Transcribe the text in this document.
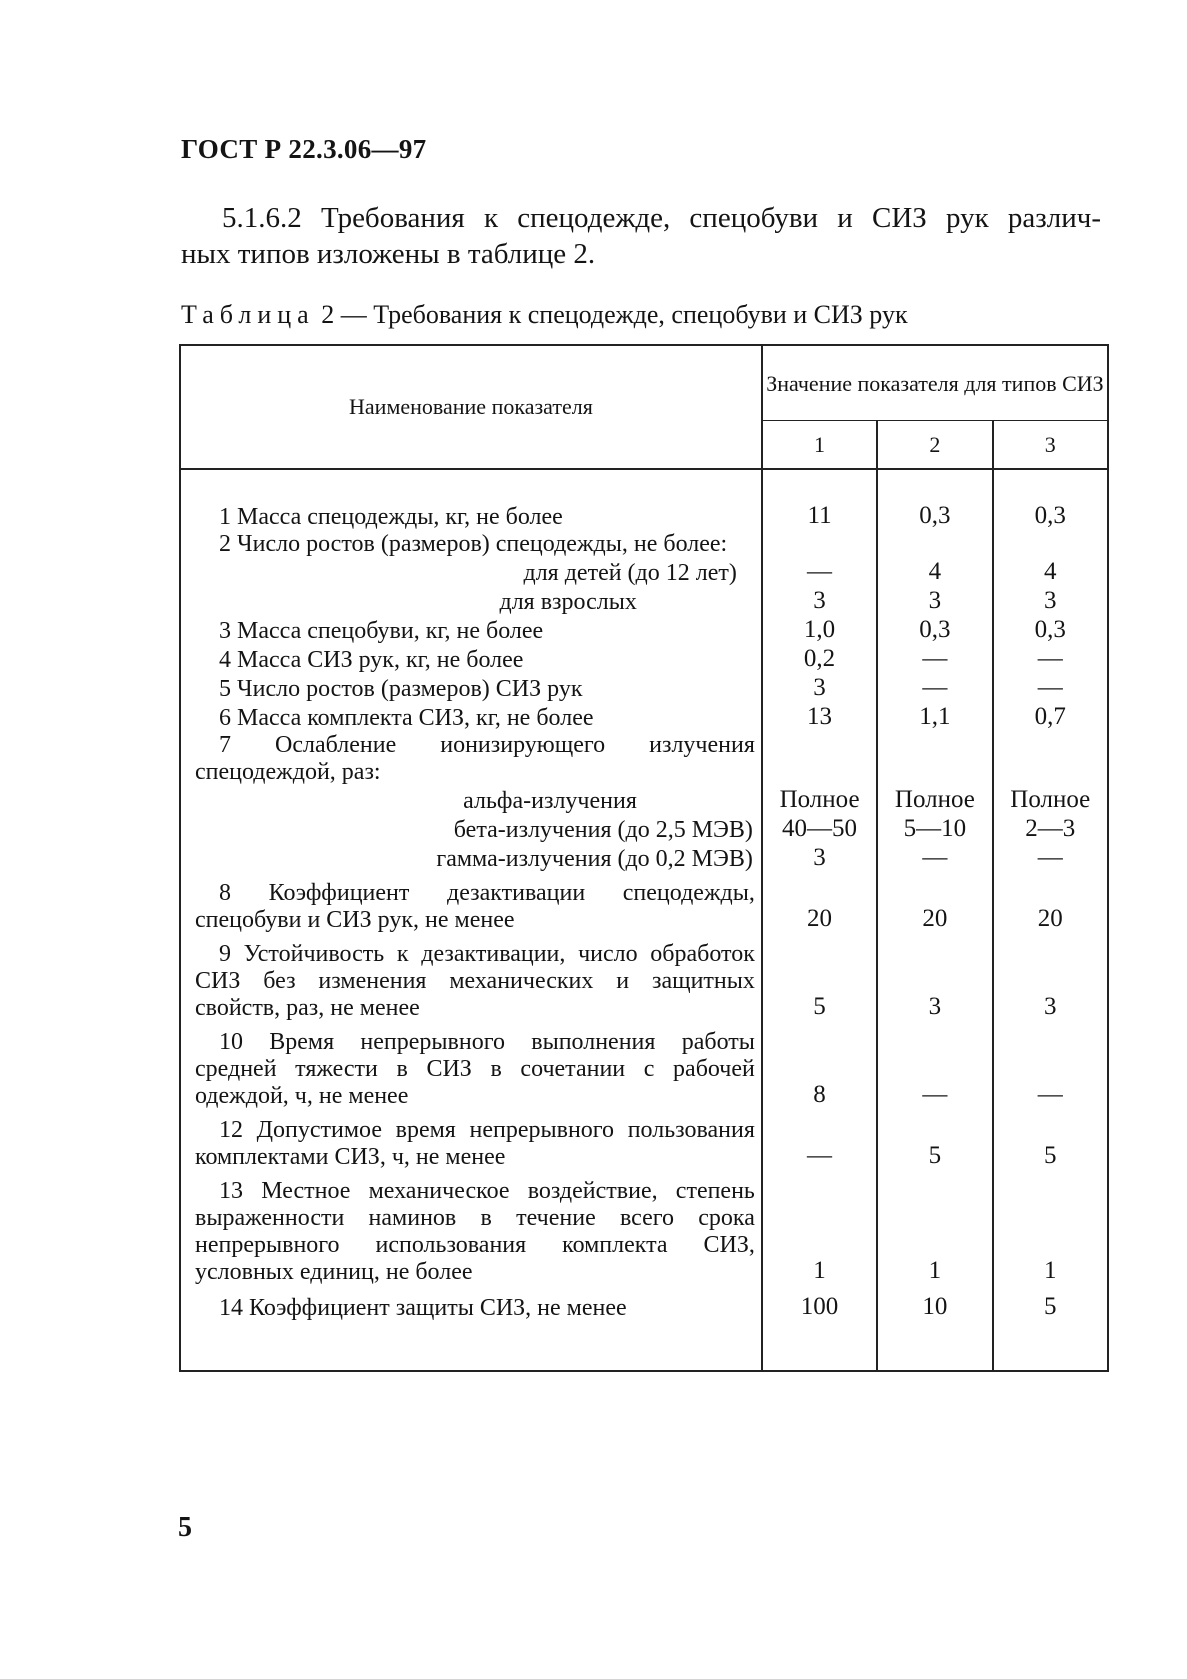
ГОСТ Р 22.3.06—97
5.1.6.2 Требования к спецодежде, спецобуви и СИЗ рук различ-
ных типов изложены в таблице 2.
Таблица 2 — Требования к спецодежде, спецобуви и СИЗ рук
Наименование показателя	Значение показателя для типов СИЗ		
	1	2	3

1 Масса спецодежды, кг, не более	11	0,3	0,3
2 Число ростов (размеров) спецодежды, не более:			
для детей (до 12 лет)	—	4	4
для взрослых	3	3	3
3 Масса спецобуви, кг, не более	1,0	0,3	0,3
4 Масса СИЗ рук, кг, не более	0,2	—	—
5 Число ростов (размеров) СИЗ рук	3	—	—
6 Масса комплекта СИЗ, кг, не более	13	1,1	0,7
7 Ослабление ионизирующего излучения спецодеждой, раз:			
альфа-излучения	Полное	Полное	Полное
бета-излучения (до 2,5 МЭВ)	40—50	5—10	2—3
гамма-излучения (до 0,2 МЭВ)	3	—	—
8 Коэффициент дезактивации спецодежды, спецобуви и СИЗ рук, не менее	20	20	20
9 Устойчивость к дезактивации, число обработок СИЗ без изменения механических и защитных свойств, раз, не менее	5	3	3
10 Время непрерывного выполнения работы средней тяжести в СИЗ в сочетании с рабочей одеждой, ч, не менее	8	—	—
12 Допустимое время непрерывного пользования комплектами СИЗ, ч, не менее	—	5	5
13 Местное механическое воздействие, степень выраженности наминов в течение всего срока непрерывного использования комплекта СИЗ, условных единиц, не более	1	1	1
14 Коэффициент защиты СИЗ, не менее	100	10	5

5
